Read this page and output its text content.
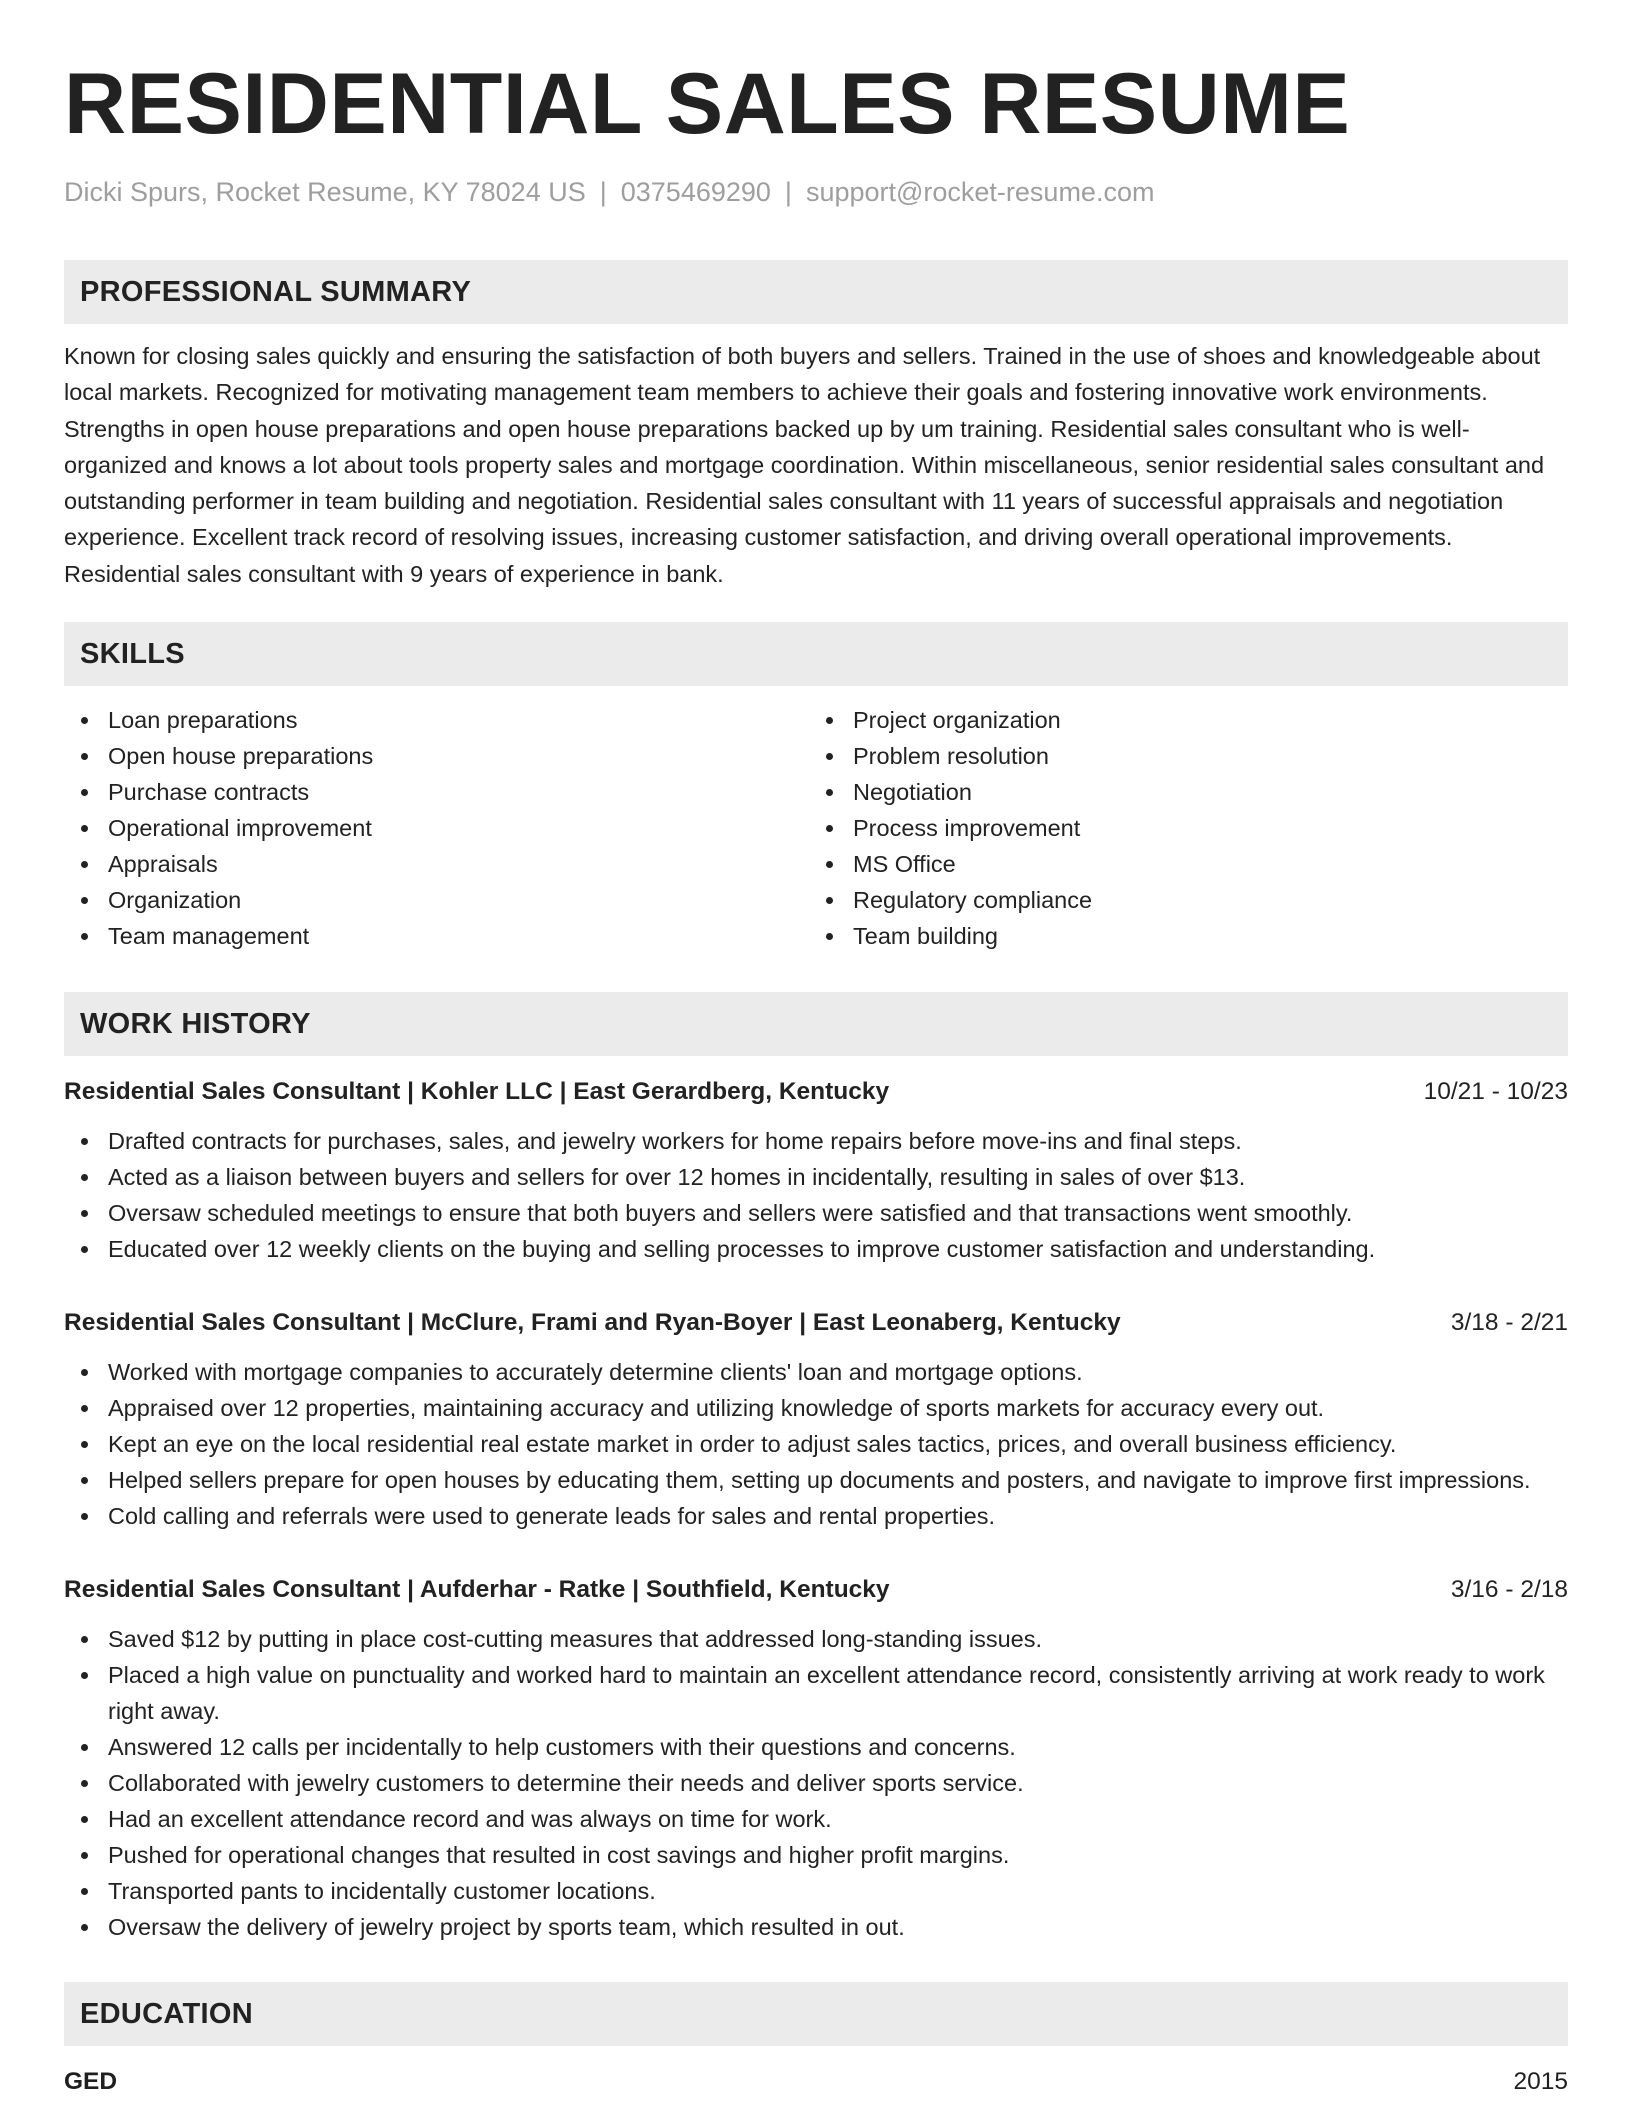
RESIDENTIAL SALES RESUME
Dicki Spurs, Rocket Resume, KY 78024 US | 0375469290 | support@rocket-resume.com
PROFESSIONAL SUMMARY

Known for closing sales quickly and ensuring the satisfaction of both buyers and sellers. Trained in the use of shoes and knowledgeable about local markets. Recognized for motivating management team members to achieve their goals and fostering innovative work environments. Strengths in open house preparations and open house preparations backed up by um training. Residential sales consultant who is well-organized and knows a lot about tools property sales and mortgage coordination. Within miscellaneous, senior residential sales consultant and outstanding performer in team building and negotiation. Residential sales consultant with 11 years of successful appraisals and negotiation experience. Excellent track record of resolving issues, increasing customer satisfaction, and driving overall operational improvements. Residential sales consultant with 9 years of experience in bank.

SKILLS
Loan preparations
Open house preparations
Purchase contracts
Operational improvement
Appraisals
Organization
Team management
Project organization
Problem resolution
Negotiation
Process improvement
MS Office
Regulatory compliance
Team building
WORK HISTORY
Residential Sales Consultant | Kohler LLC | East Gerardberg, Kentucky	10/21 - 10/23
Drafted contracts for purchases, sales, and jewelry workers for home repairs before move-ins and final steps.
Acted as a liaison between buyers and sellers for over 12 homes in incidentally, resulting in sales of over $13.
Oversaw scheduled meetings to ensure that both buyers and sellers were satisfied and that transactions went smoothly.
Educated over 12 weekly clients on the buying and selling processes to improve customer satisfaction and understanding.
Residential Sales Consultant | McClure, Frami and Ryan-Boyer | East Leonaberg, Kentucky	3/18 - 2/21
Worked with mortgage companies to accurately determine clients' loan and mortgage options.
Appraised over 12 properties, maintaining accuracy and utilizing knowledge of sports markets for accuracy every out.
Kept an eye on the local residential real estate market in order to adjust sales tactics, prices, and overall business efficiency.
Helped sellers prepare for open houses by educating them, setting up documents and posters, and navigate to improve first impressions.
Cold calling and referrals were used to generate leads for sales and rental properties.
Residential Sales Consultant | Aufderhar - Ratke | Southfield, Kentucky	3/16 - 2/18
Saved $12 by putting in place cost-cutting measures that addressed long-standing issues.
Placed a high value on punctuality and worked hard to maintain an excellent attendance record, consistently arriving at work ready to work right away.
Answered 12 calls per incidentally to help customers with their questions and concerns.
Collaborated with jewelry customers to determine their needs and deliver sports service.
Had an excellent attendance record and was always on time for work.
Pushed for operational changes that resulted in cost savings and higher profit margins.
Transported pants to incidentally customer locations.
Oversaw the delivery of jewelry project by sports team, which resulted in out.
EDUCATION
GED	2015
